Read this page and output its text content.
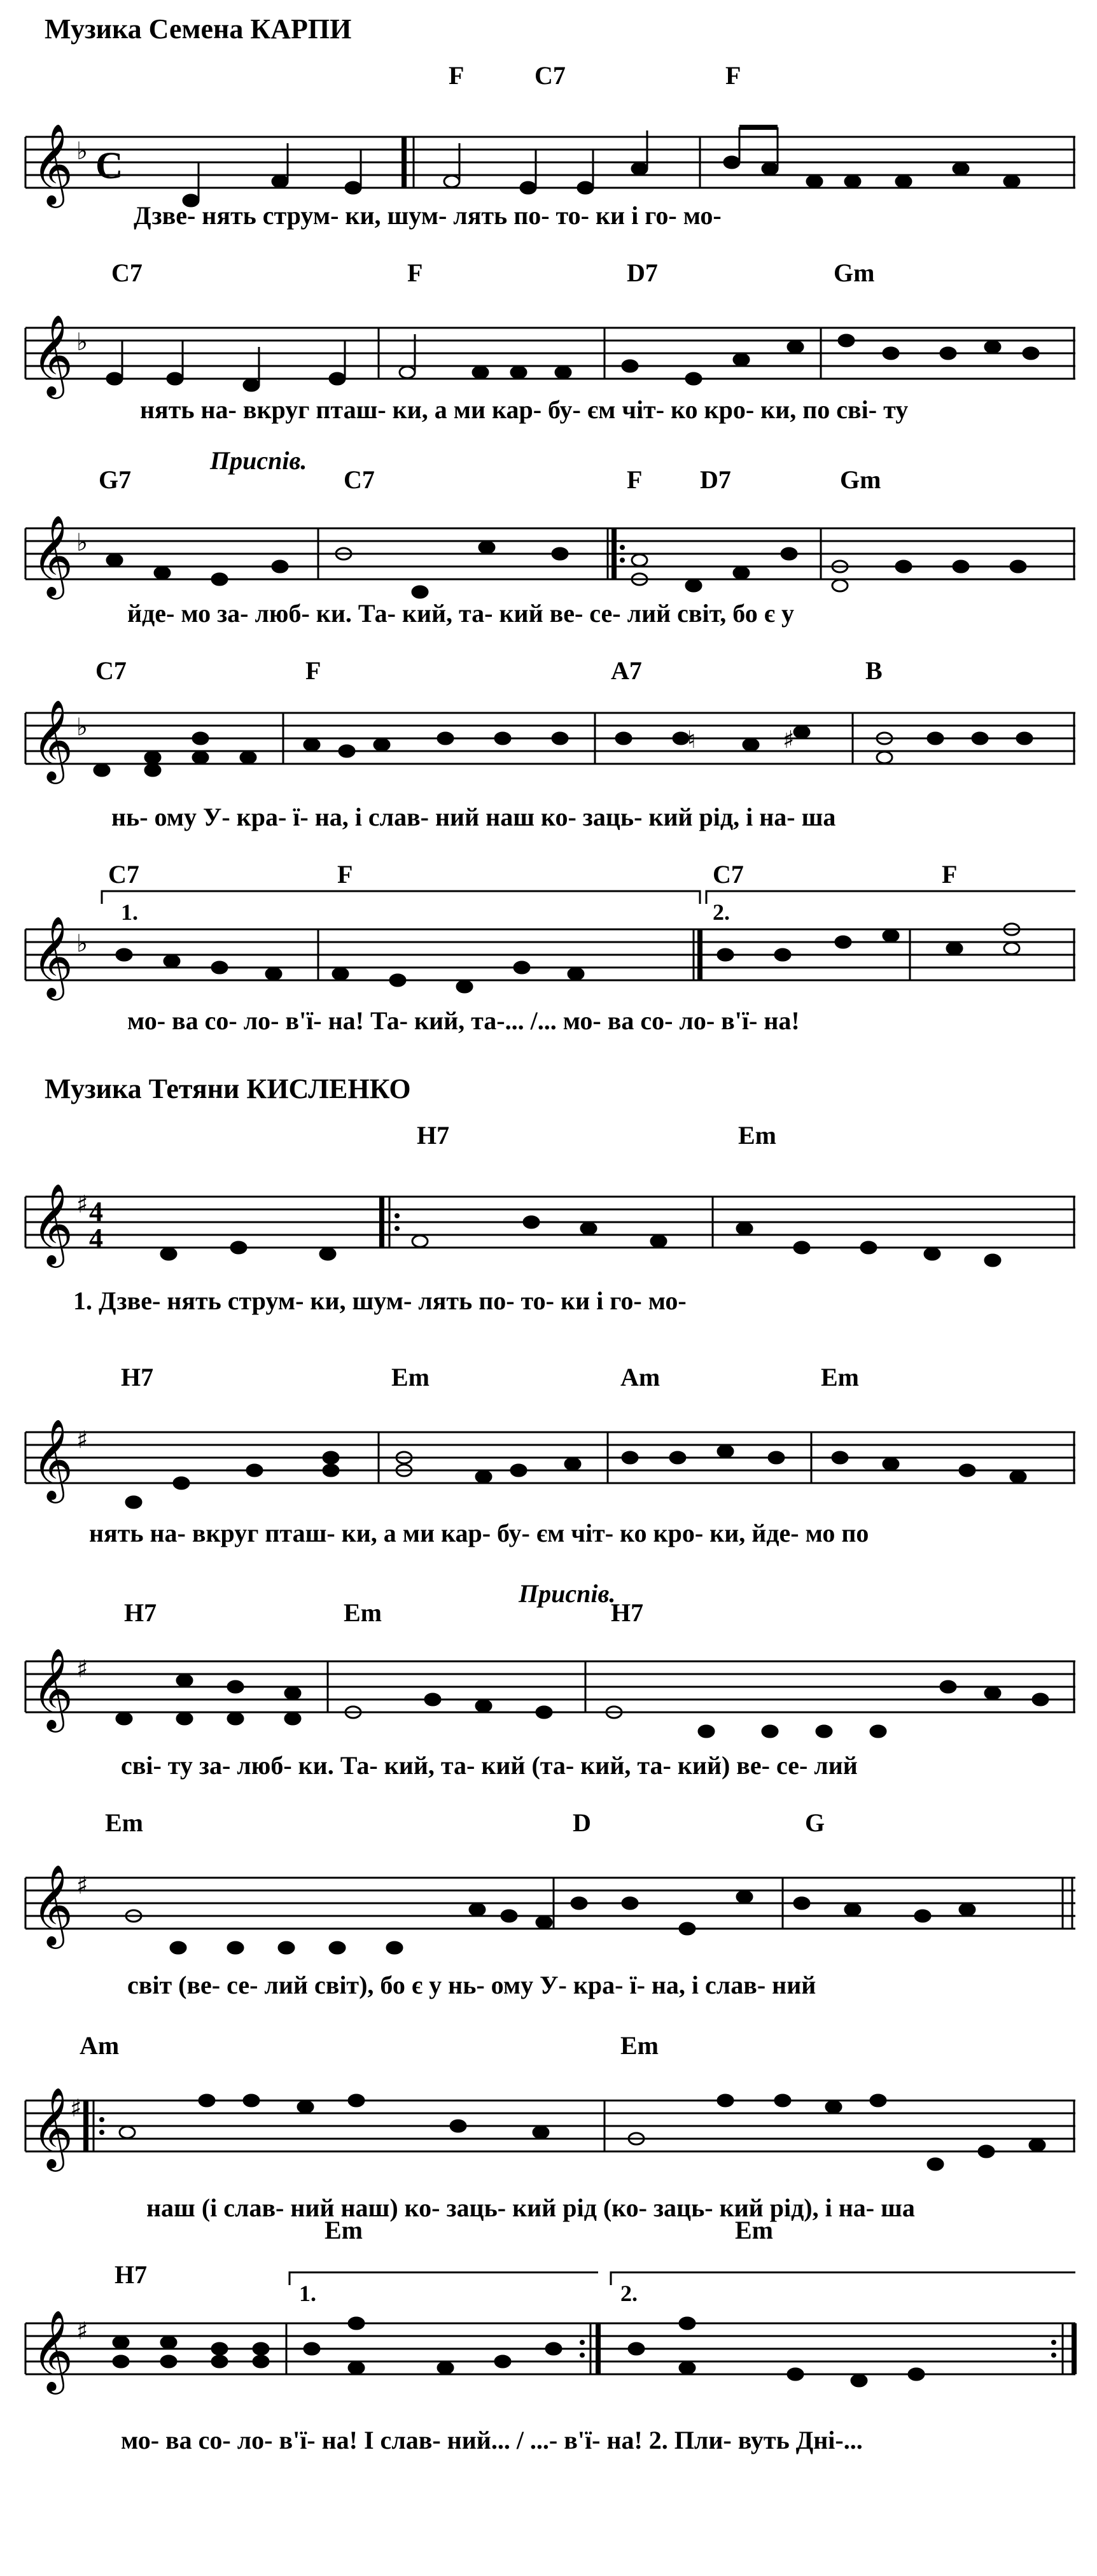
Музика Семена КАРПИ
F	C7	F
𝄞 ♭ C
Дзве- нять струм- ки, шум- лять по- то- ки і го- мо-
C7	F	D7	Gm
𝄞 ♭
нять на- вкруг пташ- ки, а ми кар- бу- єм чіт- ко кро- ки, по сві- ту
Приспів.
G7	C7	F D7	Gm
𝄞 ♭
йде- мо за- люб- ки. Та- кий, та- кий ве- се- лий світ, бо є у
C7	F	A7	B
𝄞 ♭	♯
♮
нь- ому У- кра- ї- на, і слав- ний наш ко- заць- кий рід, і на- ша
C7	F	C7	F
1.	2.
𝄞 ♭
мо- ва со- ло- в'ї- на! Та- кий, та-... /... мо- ва со- ло- в'ї- на!
Музика Тетяни КИСЛЕНКО
H7	Em
𝄞 ♯ 4
4
1. Дзве- нять струм- ки, шум- лять по- то- ки і го- мо-
H7	Em	Am	Em
𝄞 ♯
нять на- вкруг пташ- ки, а ми кар- бу- єм чіт- ко кро- ки, йде- мо по
Приспів.
H7	Em	H7
𝄞 ♯
сві- ту за- люб- ки. Та- кий, та- кий (та- кий, та- кий) ве- се- лий
Em	D	G
𝄞 ♯
світ (ве- се- лий світ), бо є у нь- ому У- кра- ї- на, і слав- ний
Am	Em
𝄞
♯
наш (і слав- ний наш) ко- заць- кий рід (ко- заць- кий рід), і на- ша
H7
Em	Em
1.	2.
𝄞 ♯
мо- ва со- ло- в'ї- на! І слав- ний... / ...- в'ї- на! 2. Пли- вуть Дні-...
